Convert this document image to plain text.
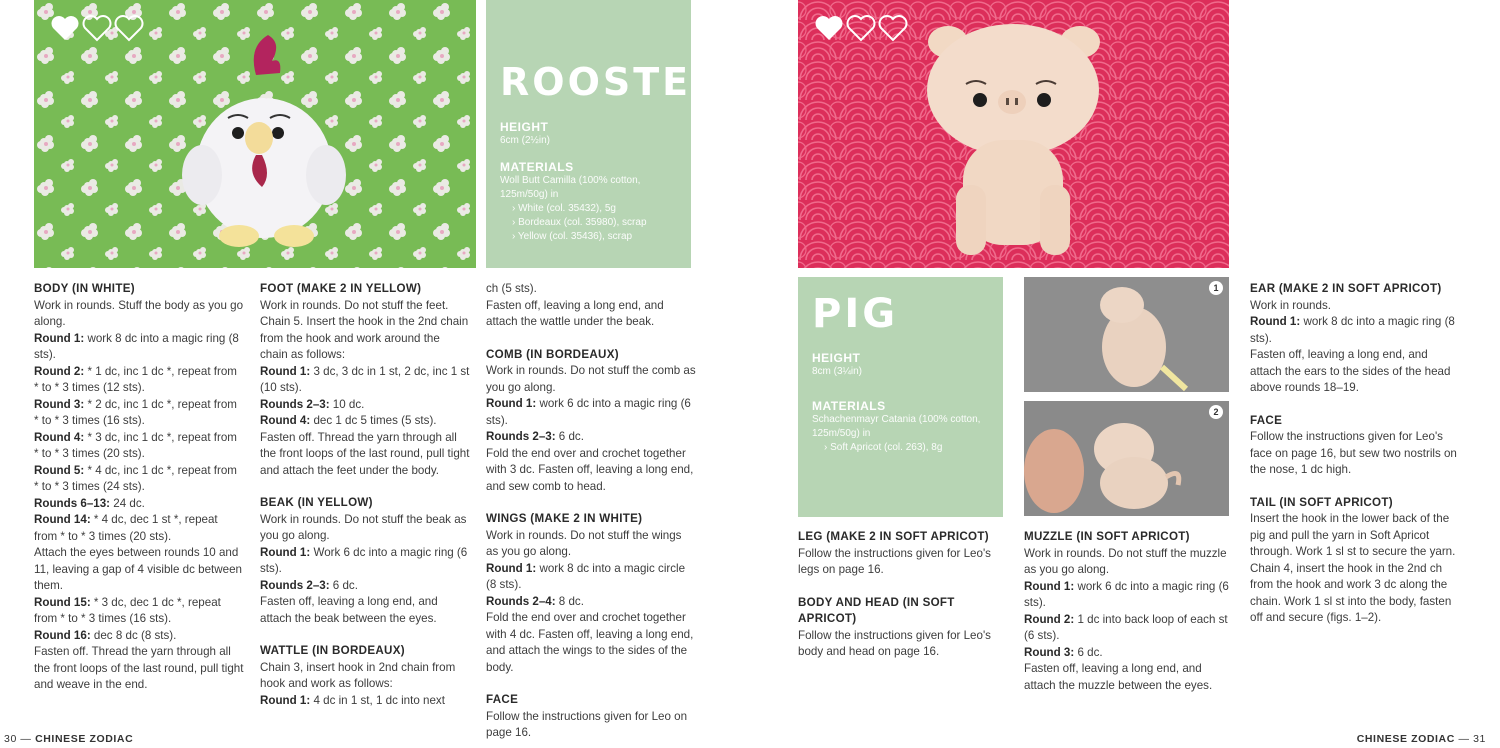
ROOSTER
HEIGHT
6cm (2½in)
MATERIALS
Woll Butt Camilla (100% cotton, 125m/50g) in
› White (col. 35432), 5g
› Bordeaux (col. 35980), scrap
› Yellow (col. 35436), scrap
BODY (IN WHITE)

Work in rounds. Stuff the body as you go along.

Round 1: work 8 dc into a magic ring (8 sts).

Round 2: * 1 dc, inc 1 dc *, repeat from * to * 3 times (12 sts).

Round 3: * 2 dc, inc 1 dc *, repeat from * to * 3 times (16 sts).

Round 4: * 3 dc, inc 1 dc *, repeat from * to * 3 times (20 sts).

Round 5: * 4 dc, inc 1 dc *, repeat from * to * 3 times (24 sts).

Rounds 6–13: 24 dc.

Round 14: * 4 dc, dec 1 st *, repeat from * to * 3 times (20 sts).

Attach the eyes between rounds 10 and 11, leaving a gap of 4 visible dc between them.

Round 15: * 3 dc, dec 1 dc *, repeat from * to * 3 times (16 sts).

Round 16: dec 8 dc (8 sts).

Fasten off. Thread the yarn through all the front loops of the last round, pull tight and weave in the end.

FOOT (MAKE 2 IN YELLOW)

Work in rounds. Do not stuff the feet. Chain 5. Insert the hook in the 2nd chain from the hook and work around the chain as follows:

Round 1: 3 dc, 3 dc in 1 st, 2 dc, inc 1 st (10 sts).

Rounds 2–3: 10 dc.

Round 4: dec 1 dc 5 times (5 sts).

Fasten off. Thread the yarn through all the front loops of the last round, pull tight and attach the feet under the body.

BEAK (IN YELLOW)

Work in rounds. Do not stuff the beak as you go along.

Round 1: Work 6 dc into a magic ring (6 sts).

Rounds 2–3: 6 dc.

Fasten off, leaving a long end, and attach the beak between the eyes.

WATTLE (IN BORDEAUX)

Chain 3, insert hook in 2nd chain from hook and work as follows:

Round 1: 4 dc in 1 st, 1 dc into next

ch (5 sts).

Fasten off, leaving a long end, and attach the wattle under the beak.

COMB (IN BORDEAUX)

Work in rounds. Do not stuff the comb as you go along.

Round 1: work 6 dc into a magic ring (6 sts).

Rounds 2–3: 6 dc.

Fold the end over and crochet together with 3 dc. Fasten off, leaving a long end, and sew comb to head.

WINGS (MAKE 2 IN WHITE)

Work in rounds. Do not stuff the wings as you go along.

Round 1: work 8 dc into a magic circle (8 sts).

Rounds 2–4: 8 dc.

Fold the end over and crochet together with 4 dc. Fasten off, leaving a long end, and attach the wings to the sides of the body.

FACE

Follow the instructions given for Leo on page 16.

30 — CHINESE ZODIAC
PIG
HEIGHT
8cm (3¼in)
MATERIALS
Schachenmayr Catania (100% cotton, 125m/50g) in
› Soft Apricot (col. 263), 8g
1
2
LEG (MAKE 2 IN SOFT APRICOT)

Follow the instructions given for Leo's legs on page 16.

BODY AND HEAD (IN SOFT APRICOT)

Follow the instructions given for Leo's body and head on page 16.

MUZZLE (IN SOFT APRICOT)

Work in rounds. Do not stuff the muzzle as you go along.

Round 1: work 6 dc into a magic ring (6 sts).

Round 2: 1 dc into back loop of each st (6 sts).

Round 3: 6 dc.

Fasten off, leaving a long end, and attach the muzzle between the eyes.

EAR (MAKE 2 IN SOFT APRICOT)

Work in rounds.

Round 1: work 8 dc into a magic ring (8 sts).

Fasten off, leaving a long end, and attach the ears to the sides of the head above rounds 18–19.

FACE

Follow the instructions given for Leo's face on page 16, but sew two nostrils on the nose, 1 dc high.

TAIL (IN SOFT APRICOT)

Insert the hook in the lower back of the pig and pull the yarn in Soft Apricot through. Work 1 sl st to secure the yarn. Chain 4, insert the hook in the 2nd ch from the hook and work 3 dc along the chain. Work 1 sl st into the body, fasten off and secure (figs. 1–2).

CHINESE ZODIAC — 31
